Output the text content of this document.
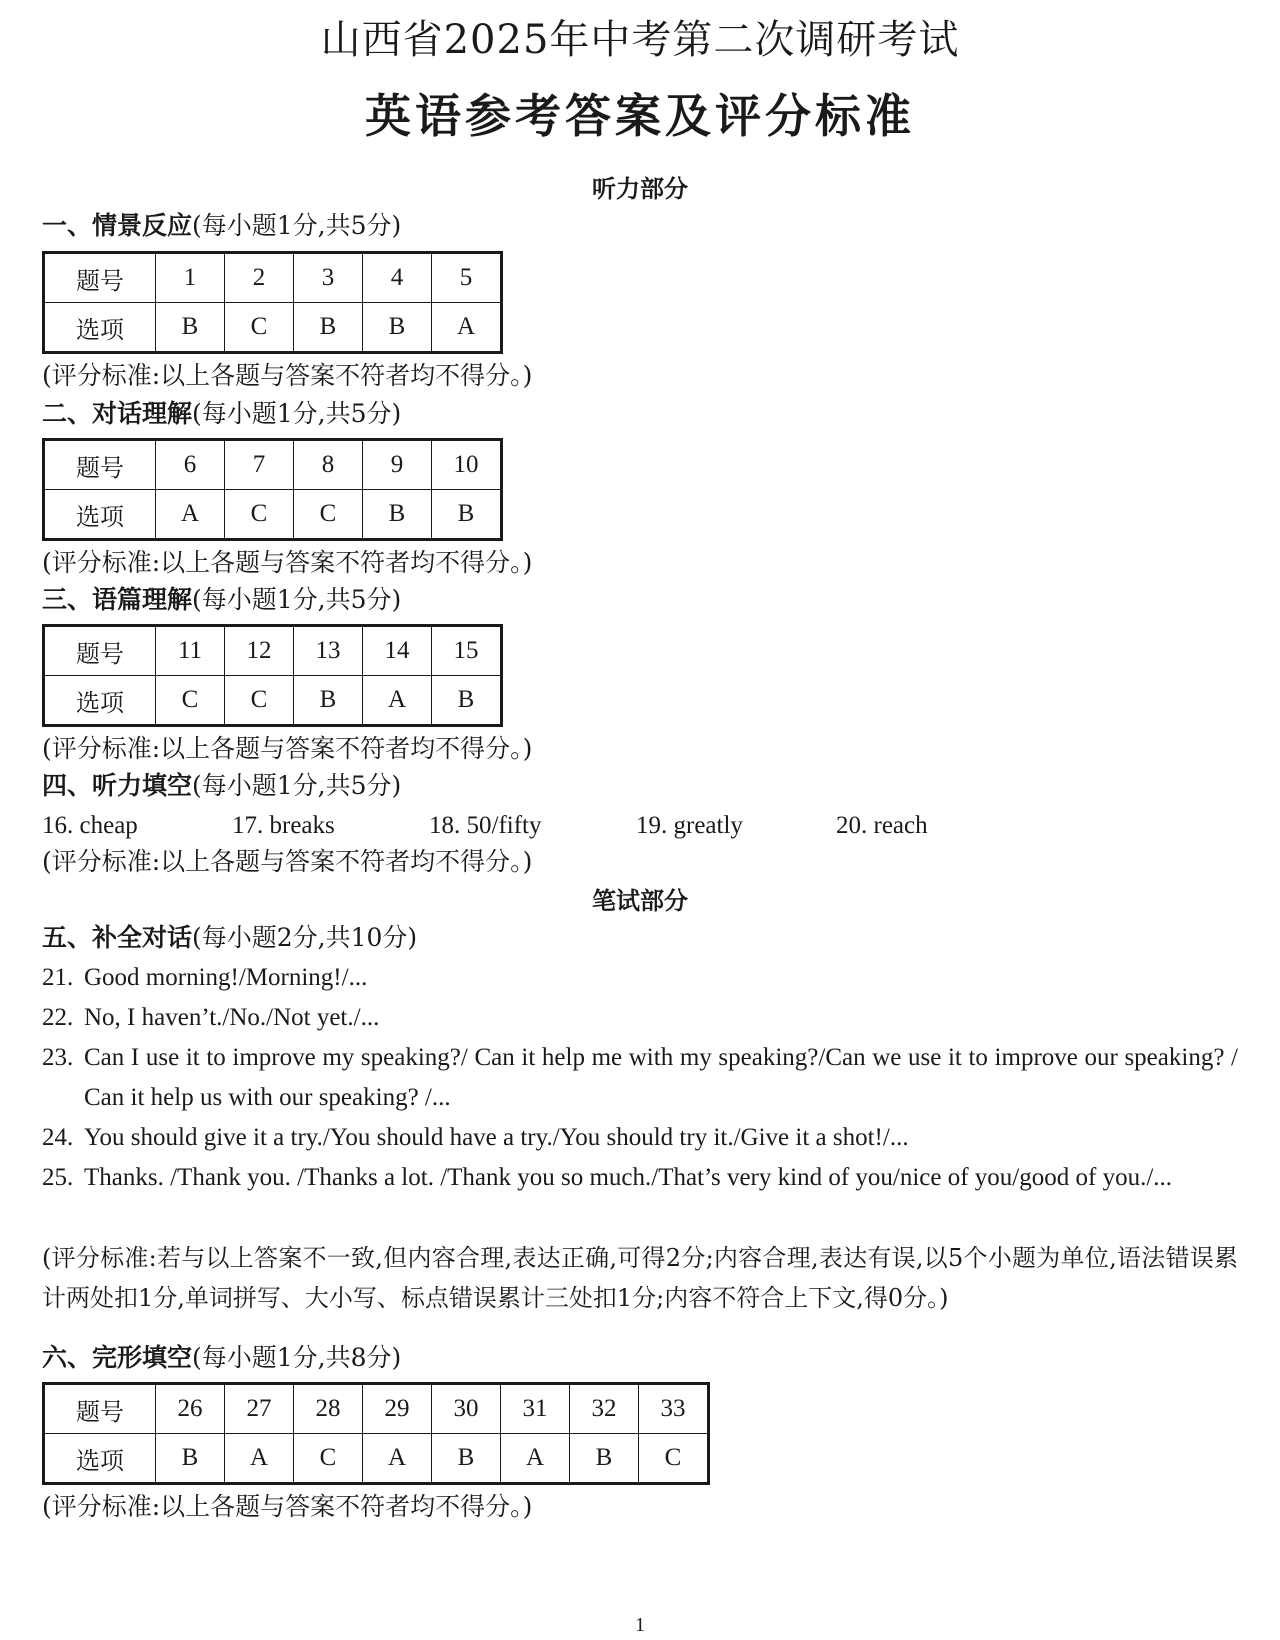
山西省2025年中考第二次调研考试
英语参考答案及评分标准
听力部分
一、情景反应(每小题1分,共5分)
题号	1	2	3	4	5
选项	B	C	B	B	A
(评分标准:以上各题与答案不符者均不得分。)
二、对话理解(每小题1分,共5分)
题号	6	7	8	9	10
选项	A	C	C	B	B
(评分标准:以上各题与答案不符者均不得分。)
三、语篇理解(每小题1分,共5分)
题号	11	12	13	14	15
选项	C	C	B	A	B
(评分标准:以上各题与答案不符者均不得分。)
四、听力填空(每小题1分,共5分)
16. cheap	17. breaks	18. 50/fifty	19. greatly	20. reach
(评分标准:以上各题与答案不符者均不得分。)
笔试部分
五、补全对话(每小题2分,共10分)
21. Good morning!/Morning!/...
22. No, I haven’t./No./Not yet./...
23. Can I use it to improve my speaking?/ Can it help me with my speaking?/Can we use it to improve our speaking? / Can it help us with our speaking? /...
24. You should give it a try./You should have a try./You should try it./Give it a shot!/...
25. Thanks. /Thank you. /Thanks a lot. /Thank you so much./That’s very kind of you/nice of you/good of you./...
(评分标准:若与以上答案不一致,但内容合理,表达正确,可得2分;内容合理,表达有误,以5个小题为单位,语法错误累计两处扣1分,单词拼写、大小写、标点错误累计三处扣1分;内容不符合上下文,得0分。)
六、完形填空(每小题1分,共8分)
题号	26	27	28	29	30	31	32	33
选项	B	A	C	A	B	A	B	C
(评分标准:以上各题与答案不符者均不得分。)
1
